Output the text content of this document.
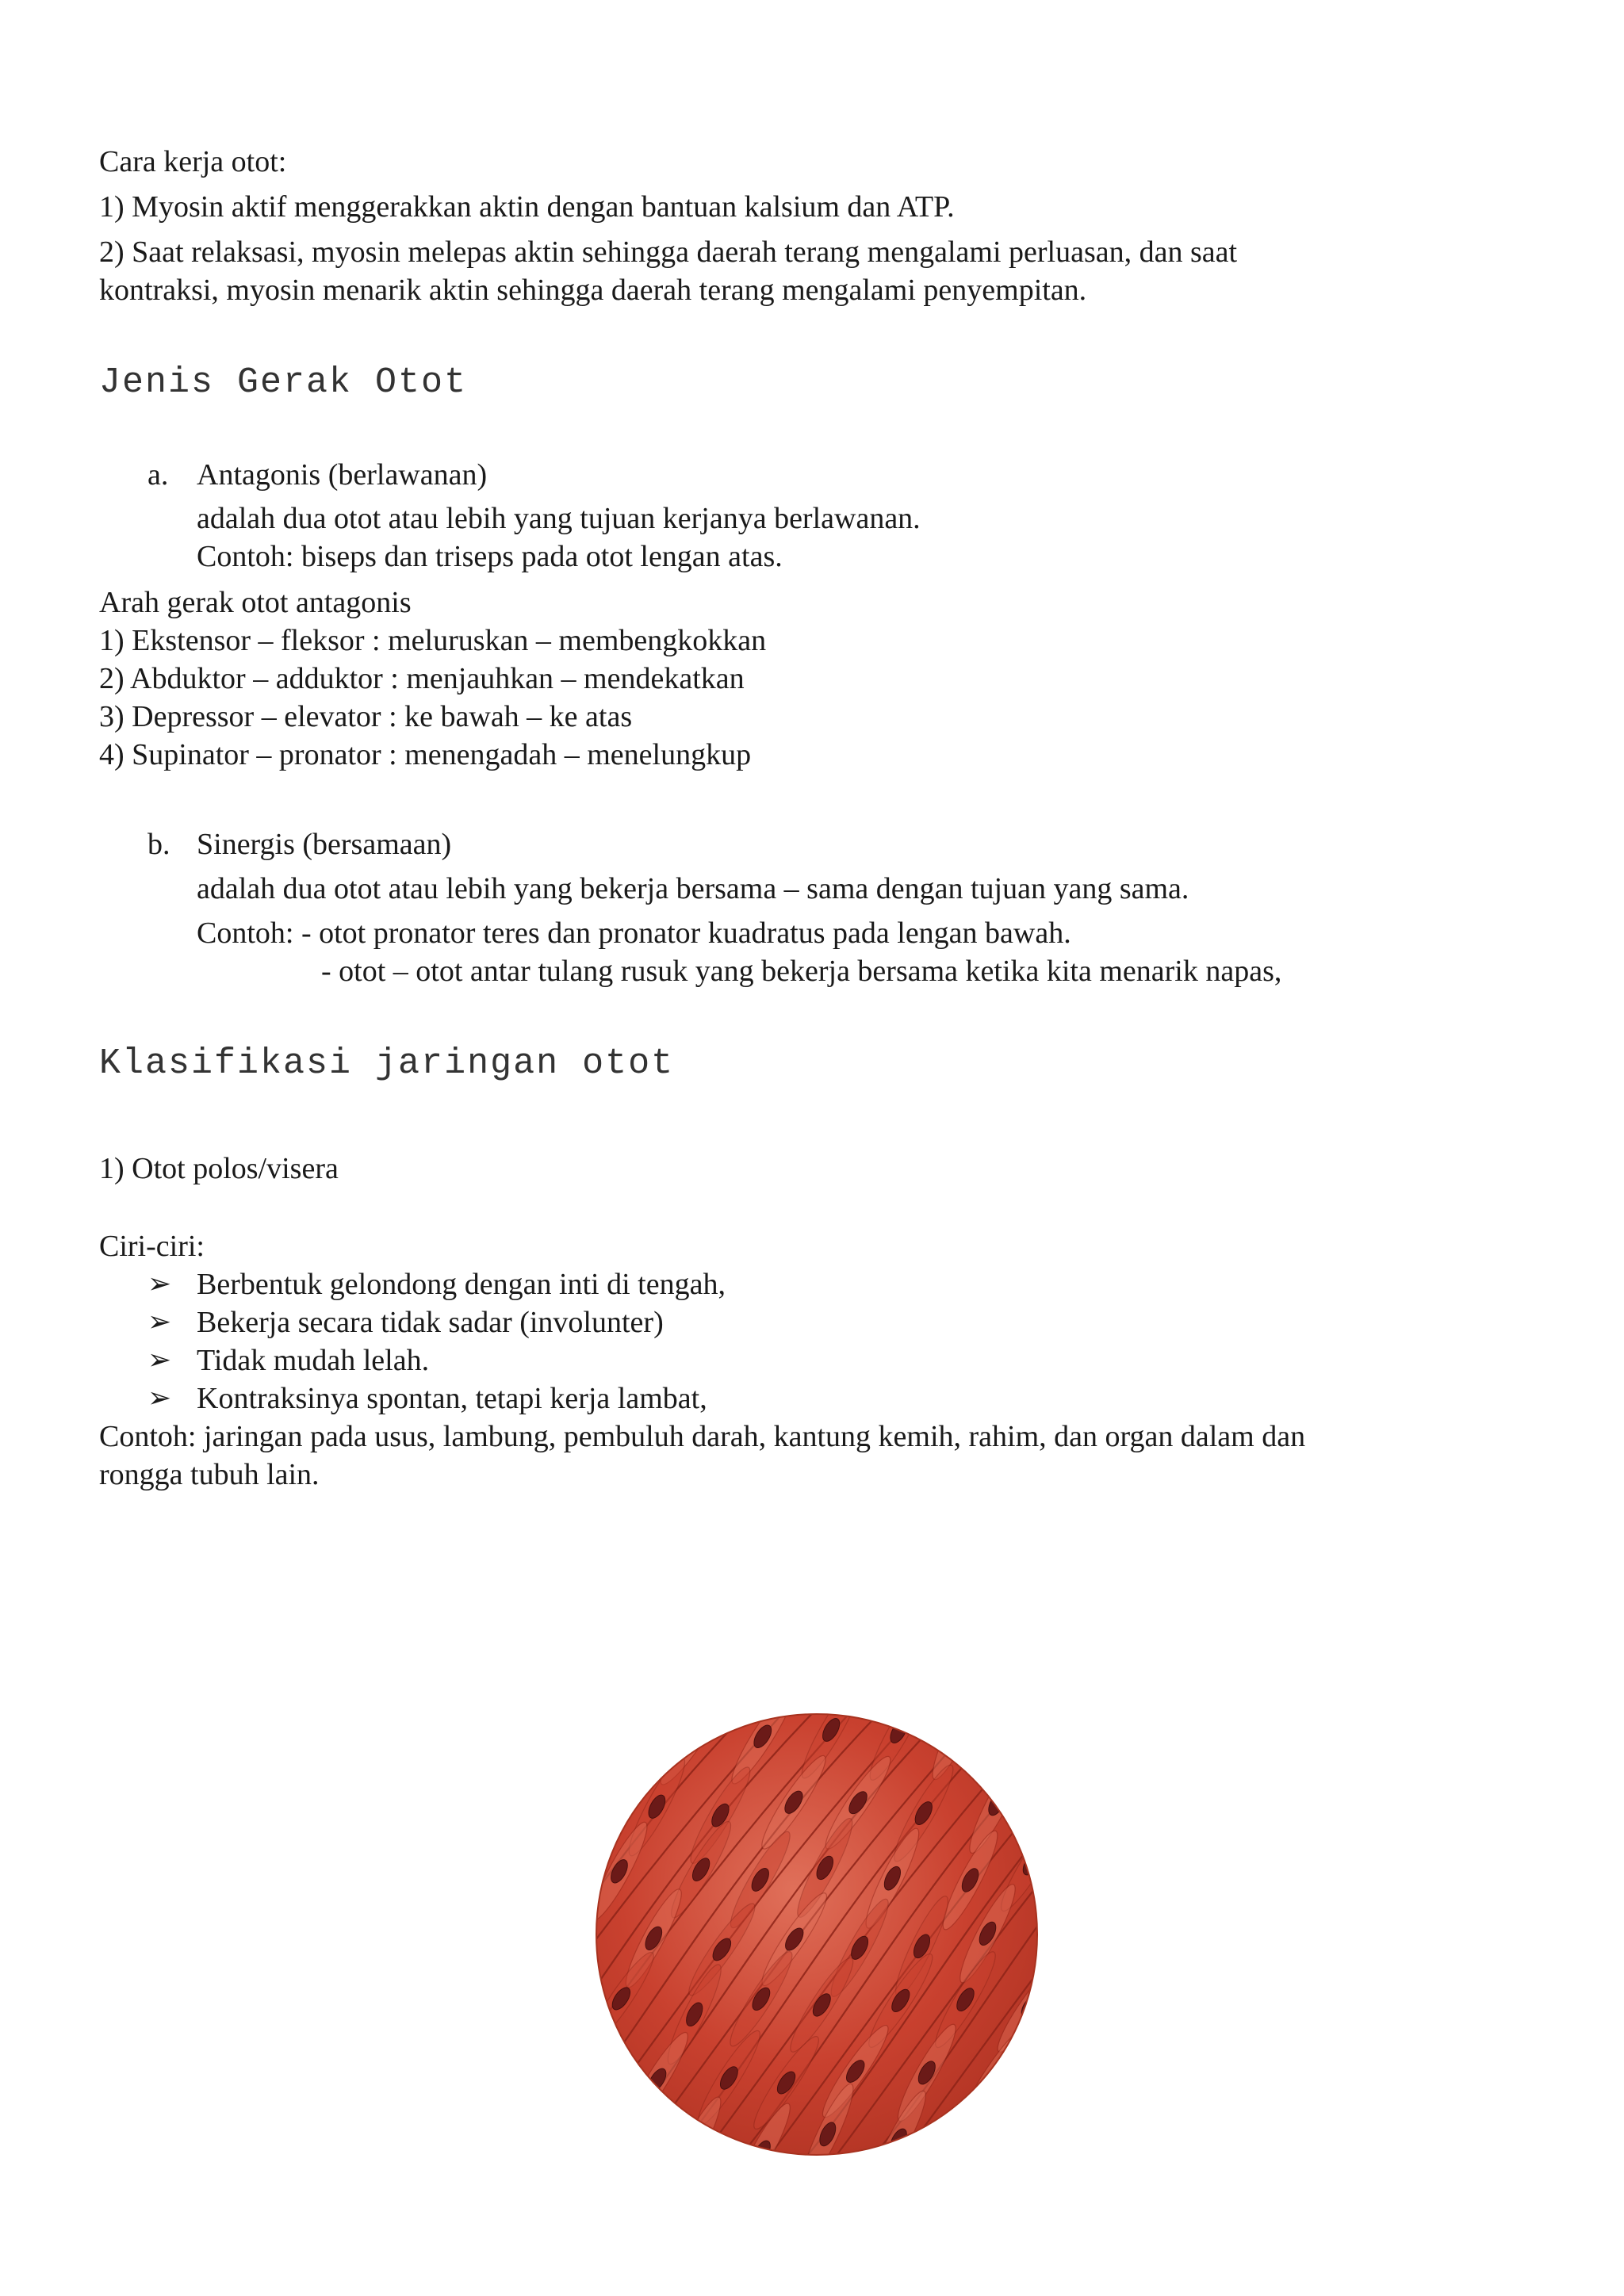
Cara kerja otot:
1) Myosin aktif menggerakkan aktin dengan bantuan kalsium dan ATP.
2) Saat relaksasi, myosin melepas aktin sehingga daerah terang mengalami perluasan, dan saat
kontraksi, myosin menarik aktin sehingga daerah terang mengalami penyempitan.
Jenis Gerak Otot
a. Antagonis (berlawanan)
adalah dua otot atau lebih yang tujuan kerjanya berlawanan.
Contoh: biseps dan triseps pada otot lengan atas.
Arah gerak otot antagonis
1) Ekstensor – fleksor : meluruskan – membengkokkan
2) Abduktor – adduktor : menjauhkan – mendekatkan
3) Depressor – elevator : ke bawah – ke atas
4) Supinator – pronator : menengadah – menelungkup
b. Sinergis (bersamaan)
adalah dua otot atau lebih yang bekerja bersama – sama dengan tujuan yang sama.
Contoh: - otot pronator teres dan pronator kuadratus pada lengan bawah.
- otot – otot antar tulang rusuk yang bekerja bersama ketika kita menarik napas,
Klasifikasi jaringan otot
1) Otot polos/visera
Ciri-ciri:
➢ Berbentuk gelondong dengan inti di tengah,
➢ Bekerja secara tidak sadar (involunter)
➢ Tidak mudah lelah.
➢ Kontraksinya spontan, tetapi kerja lambat,
Contoh: jaringan pada usus, lambung, pembuluh darah, kantung kemih, rahim, dan organ dalam dan
rongga tubuh lain.
